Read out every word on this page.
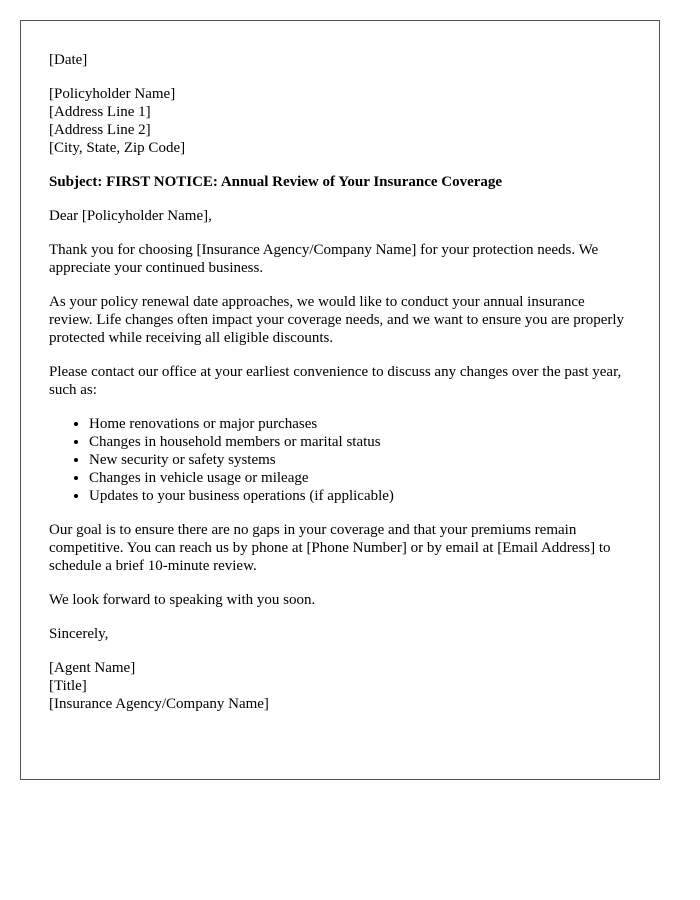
[Date]

[Policyholder Name]
[Address Line 1]
[Address Line 2]
[City, State, Zip Code]

Subject: FIRST NOTICE: Annual Review of Your Insurance Coverage

Dear [Policyholder Name],

Thank you for choosing [Insurance Agency/Company Name] for your protection needs. We appreciate your continued business.

As your policy renewal date approaches, we would like to conduct your annual insurance review. Life changes often impact your coverage needs, and we want to ensure you are properly protected while receiving all eligible discounts.

Please contact our office at your earliest convenience to discuss any changes over the past year, such as:

• Home renovations or major purchases
• Changes in household members or marital status
• New security or safety systems
• Changes in vehicle usage or mileage
• Updates to your business operations (if applicable)

Our goal is to ensure there are no gaps in your coverage and that your premiums remain competitive. You can reach us by phone at [Phone Number] or by email at [Email Address] to schedule a brief 10-minute review.

We look forward to speaking with you soon.

Sincerely,

[Agent Name]
[Title]
[Insurance Agency/Company Name]
